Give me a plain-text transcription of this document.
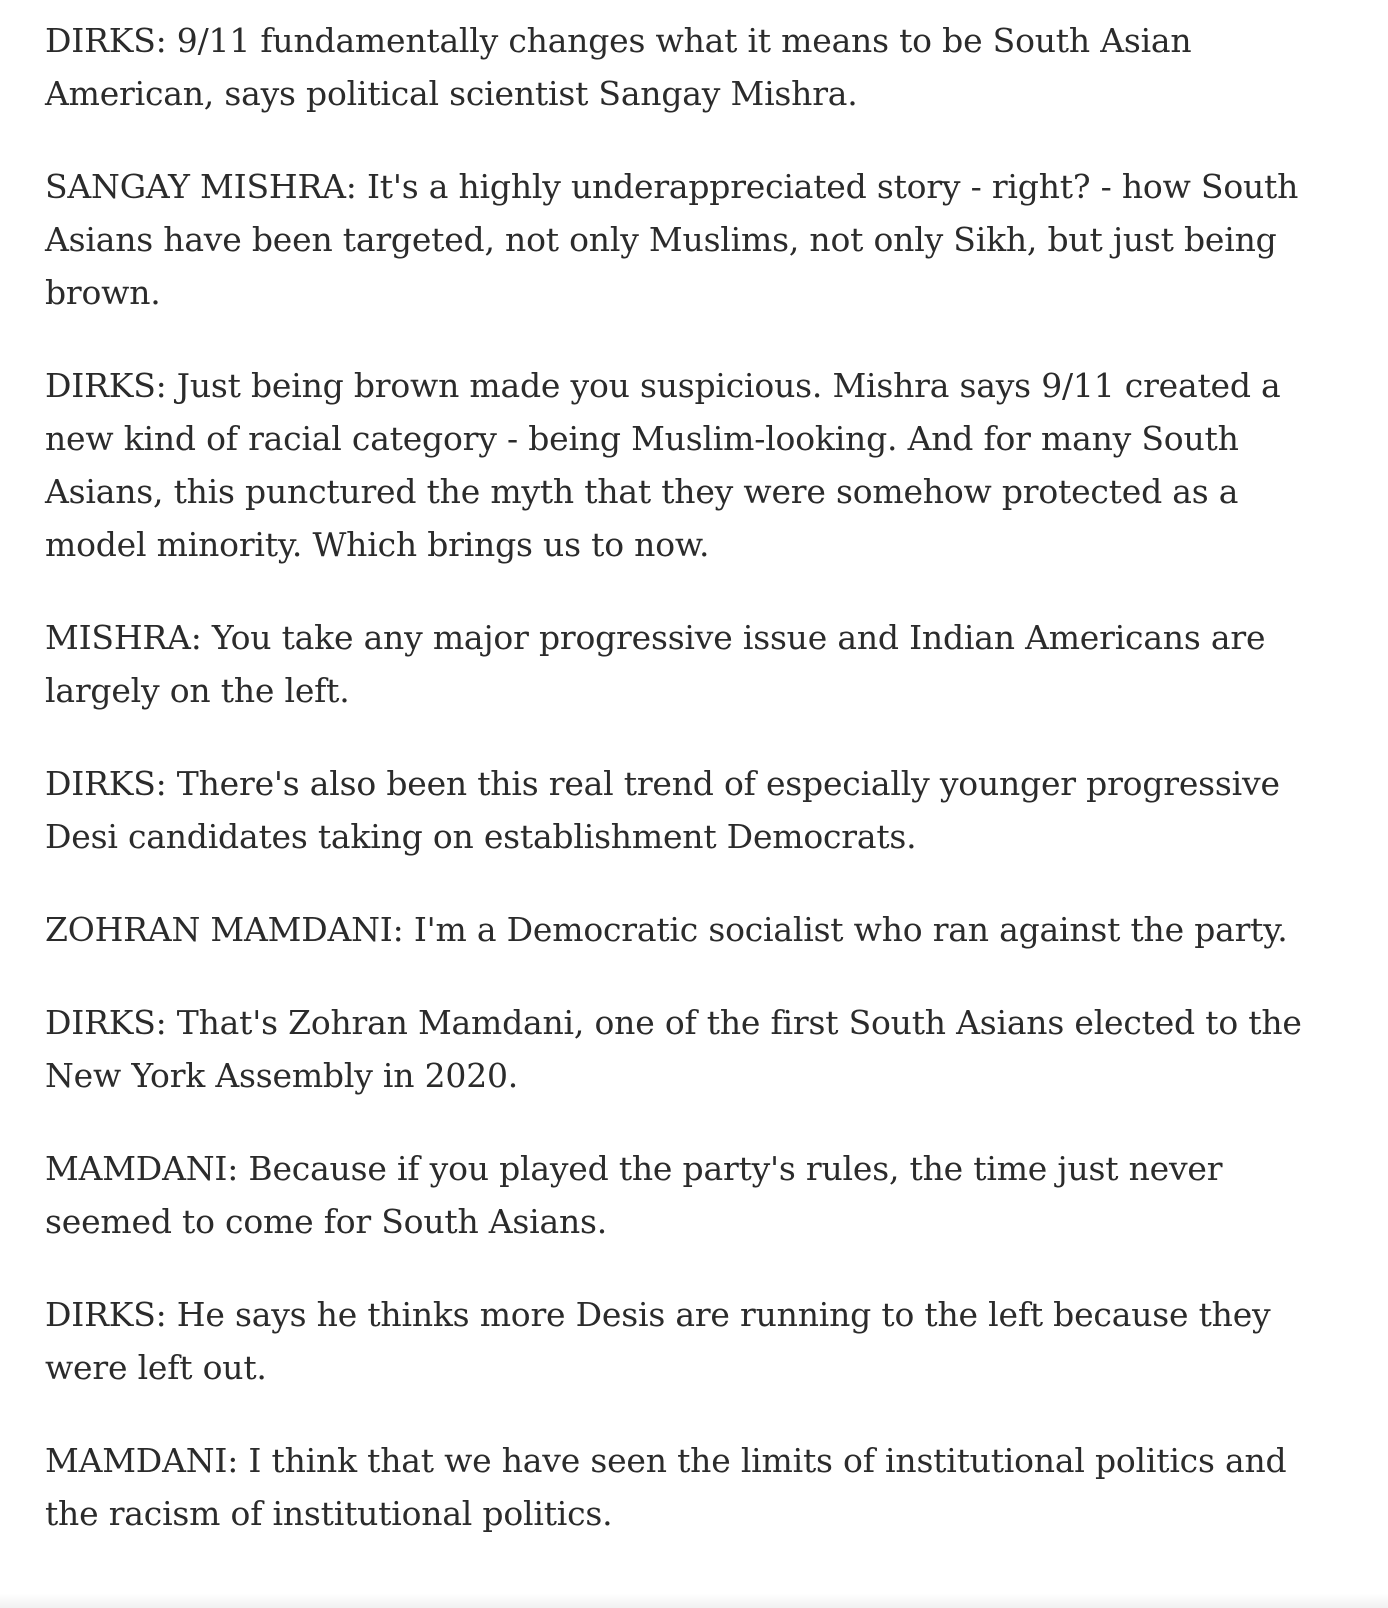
DIRKS: 9/11 fundamentally changes what it means to be South Asian American, says political scientist Sangay Mishra.

SANGAY MISHRA: It's a highly underappreciated story - right? - how South Asians have been targeted, not only Muslims, not only Sikh, but just being brown.

DIRKS: Just being brown made you suspicious. Mishra says 9/11 created a new kind of racial category - being Muslim-looking. And for many South Asians, this punctured the myth that they were somehow protected as a model minority. Which brings us to now.

MISHRA: You take any major progressive issue and Indian Americans are largely on the left.

DIRKS: There's also been this real trend of especially younger progressive Desi candidates taking on establishment Democrats.

ZOHRAN MAMDANI: I'm a Democratic socialist who ran against the party.

DIRKS: That's Zohran Mamdani, one of the first South Asians elected to the New York Assembly in 2020.

MAMDANI: Because if you played the party's rules, the time just never seemed to come for South Asians.

DIRKS: He says he thinks more Desis are running to the left because they were left out.

MAMDANI: I think that we have seen the limits of institutional politics and the racism of institutional politics.
